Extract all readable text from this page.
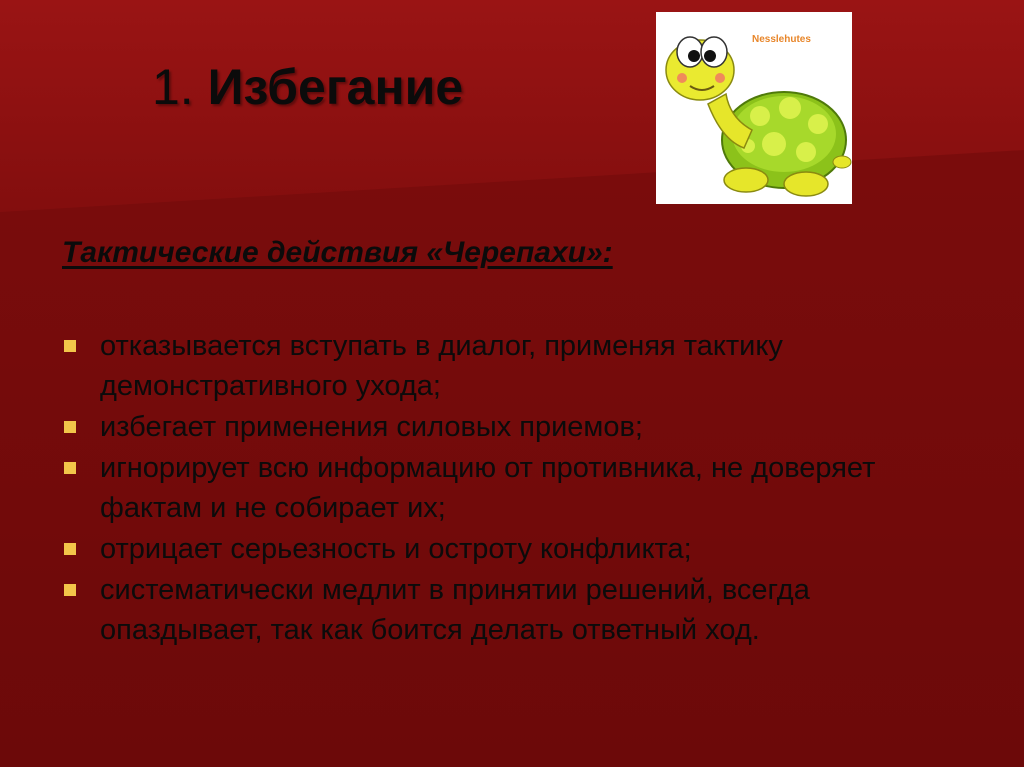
1. Избегание
Nesslehutes
Тактические действия «Черепахи»:
отказывается вступать в диалог, применяя тактику демонстративного ухода;
избегает применения силовых приемов;
игнорирует всю информацию от противника, не доверяет фактам и не собирает их;
отрицает серьезность и остроту конфликта;
систематически медлит в принятии решений, всегда опаздывает, так как боится делать ответный ход.
